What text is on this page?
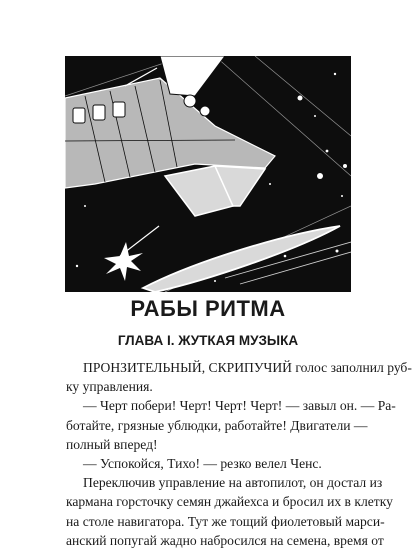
РАБЫ РИТМА
ГЛАВА I. ЖУТКАЯ МУЗЫКА
ПРОНЗИТЕЛЬНЫЙ, СКРИПУЧИЙ голос заполнил руб-
ку управления.
— Черт побери! Черт! Черт! Черт! — завыл он. — Ра-
ботайте, грязные ублюдки, работайте! Двигатели —
полный вперед!
— Успокойся, Тихо! — резко велел Ченс.
Переключив управление на автопилот, он достал из
кармана горсточку семян джайехса и бросил их в клетку
на столе навигатора. Тут же тощий фиолетовый марси-
анский попугай жадно набросился на семена, время от
